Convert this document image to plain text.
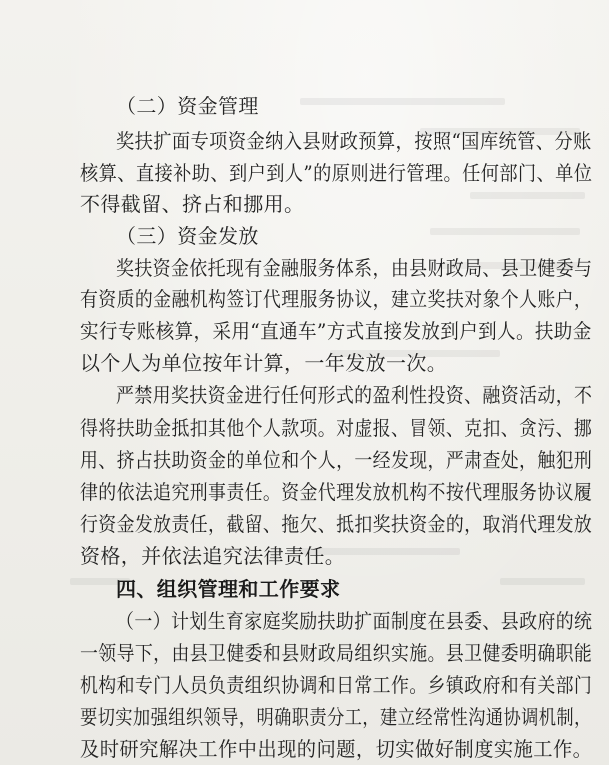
（二）资金管理
奖扶扩面专项资金纳入县财政预算，按照“国库统管、分账
核算、直接补助、到户到人”的原则进行管理。任何部门、单位
不得截留、挤占和挪用。
（三）资金发放
奖扶资金依托现有金融服务体系，由县财政局、县卫健委与
有资质的金融机构签订代理服务协议，建立奖扶对象个人账户，
实行专账核算，采用“直通车”方式直接发放到户到人。扶助金
以个人为单位按年计算，一年发放一次。
严禁用奖扶资金进行任何形式的盈利性投资、融资活动，不
得将扶助金抵扣其他个人款项。对虚报、冒领、克扣、贪污、挪
用、挤占扶助资金的单位和个人，一经发现，严肃查处，触犯刑
律的依法追究刑事责任。资金代理发放机构不按代理服务协议履
行资金发放责任，截留、拖欠、抵扣奖扶资金的，取消代理发放
资格，并依法追究法律责任。
四、组织管理和工作要求
（一）计划生育家庭奖励扶助扩面制度在县委、县政府的统
一领导下，由县卫健委和县财政局组织实施。县卫健委明确职能
机构和专门人员负责组织协调和日常工作。乡镇政府和有关部门
要切实加强组织领导，明确职责分工，建立经常性沟通协调机制，
及时研究解决工作中出现的问题，切实做好制度实施工作。
